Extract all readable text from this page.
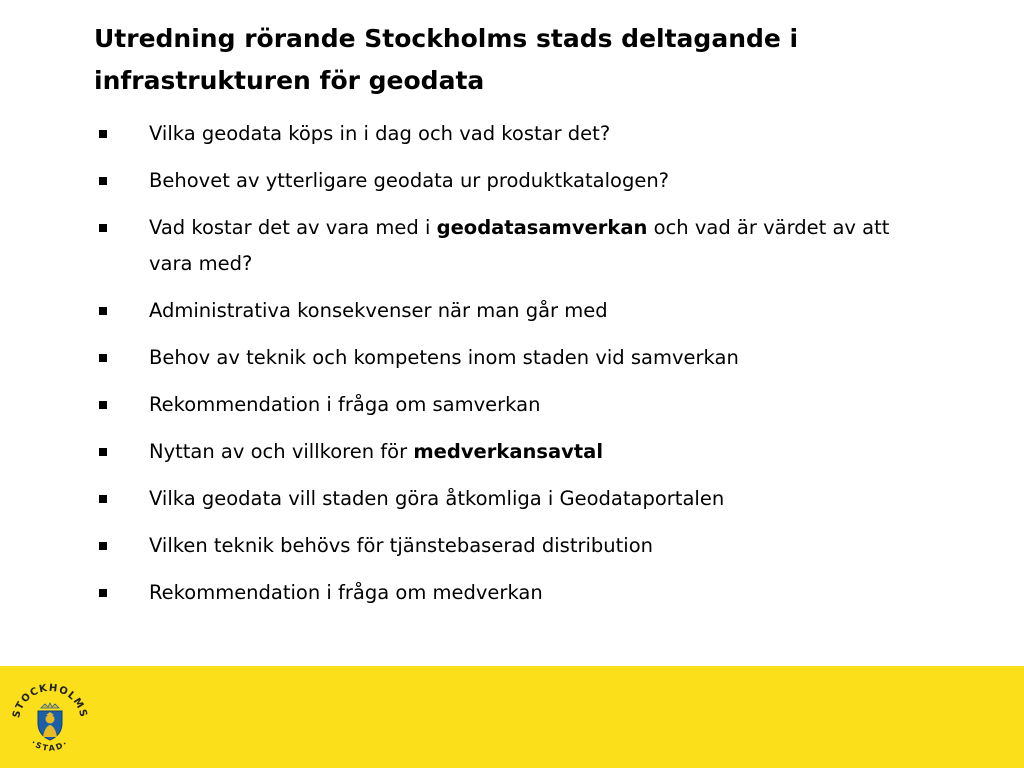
Utredning rörande Stockholms stads deltagande i infrastrukturen för geodata
Vilka geodata köps in i dag och vad kostar det?
Behovet av ytterligare geodata ur produktkatalogen?
Vad kostar det av vara med i geodatasamverkan och vad är värdet av att vara med?
Administrativa konsekvenser när man går med
Behov av teknik och kompetens inom staden vid samverkan
Rekommendation i fråga om samverkan
Nyttan av och villkoren för medverkansavtal
Vilka geodata vill staden göra åtkomliga i Geodataportalen
Vilken teknik behövs för tjänstebaserad distribution
Rekommendation i fråga om medverkan
STOCKHOLMS
·STAD·
